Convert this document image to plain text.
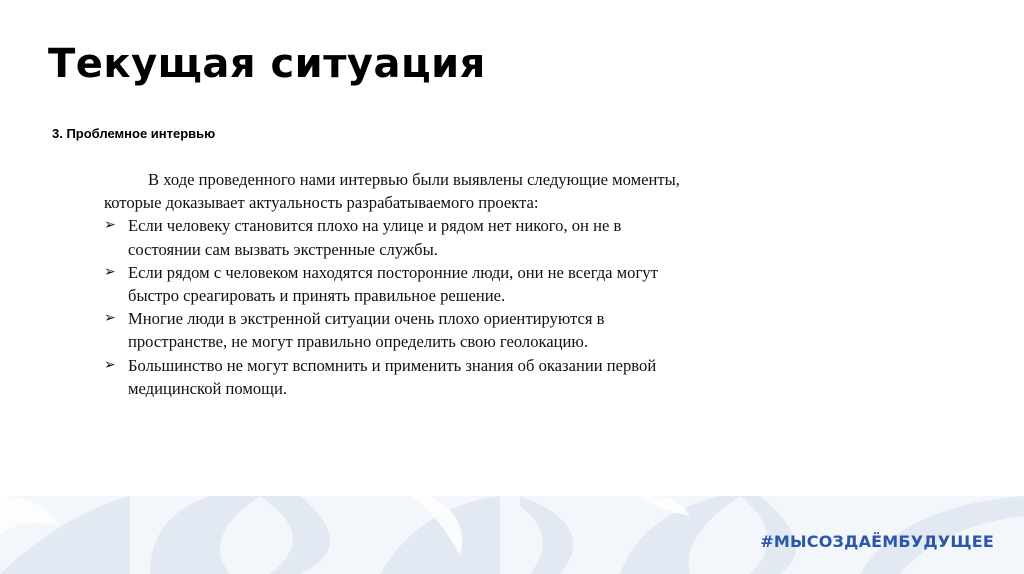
Текущая ситуация

3. Проблемное интервью

В ходе проведенного нами интервью были выявлены следующие моменты, которые доказывает актуальность разрабатываемого проекта:

➢ Если человеку становится плохо на улице и рядом нет никого, он не в состоянии сам вызвать экстренные службы.
➢ Если рядом с человеком находятся посторонние люди, они не всегда могут быстро среагировать и принять правильное решение.
➢ Многие люди в экстренной ситуации очень плохо ориентируются в пространстве, не могут правильно определить свою геолокацию.
➢ Большинство не могут вспомнить и применить знания об оказании первой медицинской помощи.
#МЫСОЗДАЁМБУДУЩЕЕ
